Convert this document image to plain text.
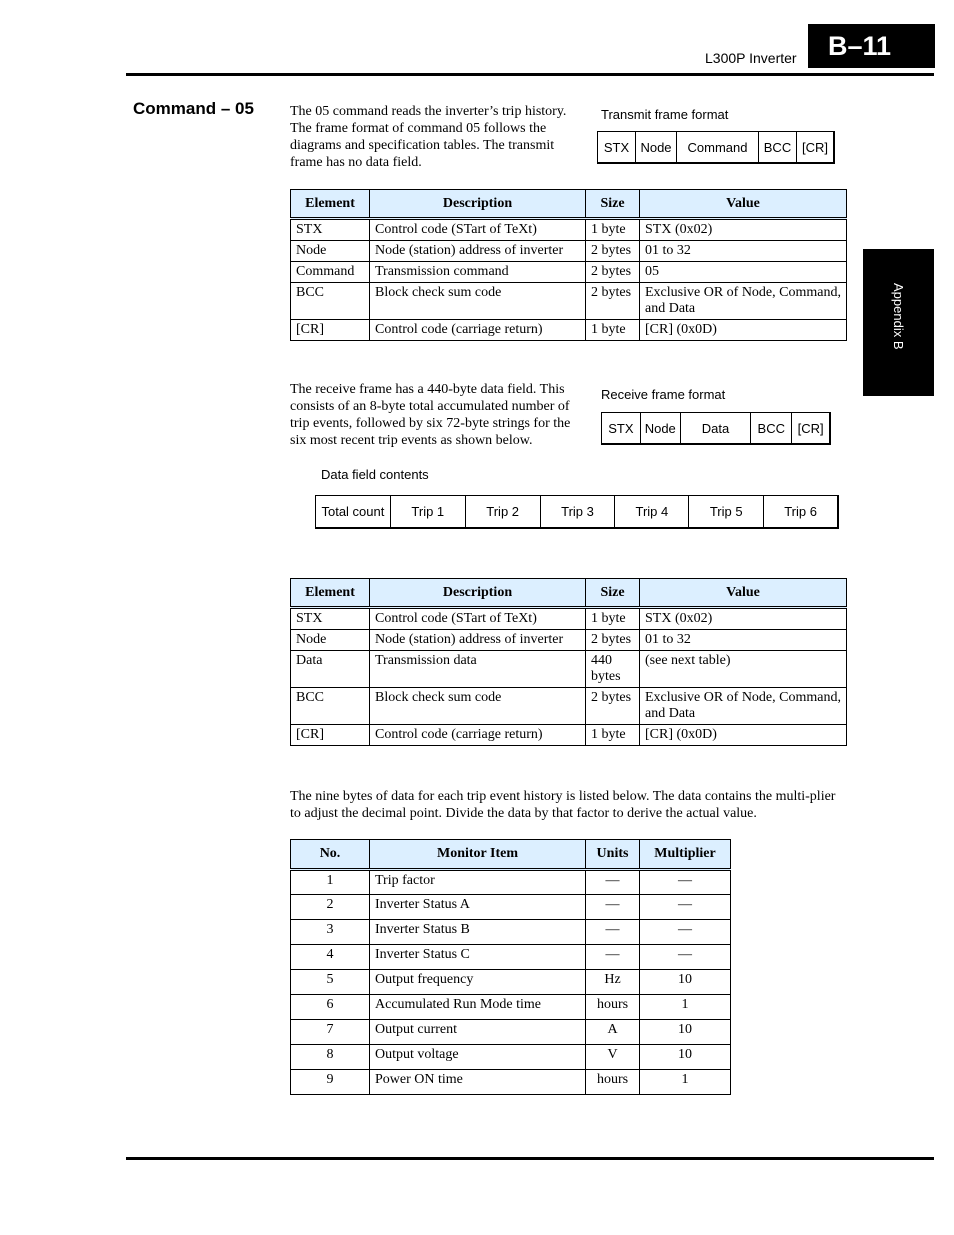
L300P Inverter	B–11
Appendix B
Command – 05	The 05 command reads the inverter’s trip history. The frame format of command 05 follows the diagrams and specification tables. The transmit frame has no data field.
Transmit frame format
STX Node	Command	BCC [CR]
Element	Description	Size	Value
STX	Control code (STart of TeXt)	1 byte	STX (0x02)
Node	Node (station) address of inverter	2 bytes	01 to 32
Command	Transmission command	2 bytes	05
BCC	Block check sum code	2 bytes	Exclusive OR of Node, Command, and Data
[CR]	Control code (carriage return)	1 byte	[CR] (0x0D)
The receive frame has a 440-byte data field. This consists of an 8-byte total accumulated number of trip events, followed by six 72-byte strings for the six most recent trip events as shown below.
Receive frame format
STX Node	Data	BCC [CR]
Data field contents
Total count	Trip 1	Trip 2	Trip 3	Trip 4	Trip 5	Trip 6
Element	Description	Size	Value
STX	Control code (STart of TeXt)	1 byte	STX (0x02)
Node	Node (station) address of inverter	2 bytes	01 to 32
Data	Transmission data	440 bytes	(see next table)
BCC	Block check sum code	2 bytes	Exclusive OR of Node, Command, and Data
[CR]	Control code (carriage return)	1 byte	[CR] (0x0D)
The nine bytes of data for each trip event history is listed below. The data contains the multi-plier to adjust the decimal point. Divide the data by that factor to derive the actual value.
No.	Monitor Item	Units	Multiplier
1	Trip factor	—	—
2	Inverter Status A	—	—
3	Inverter Status B	—	—
4	Inverter Status C	—	—
5	Output frequency	Hz	10
6	Accumulated Run Mode time	hours	1
7	Output current	A	10
8	Output voltage	V	10
9	Power ON time	hours	1
